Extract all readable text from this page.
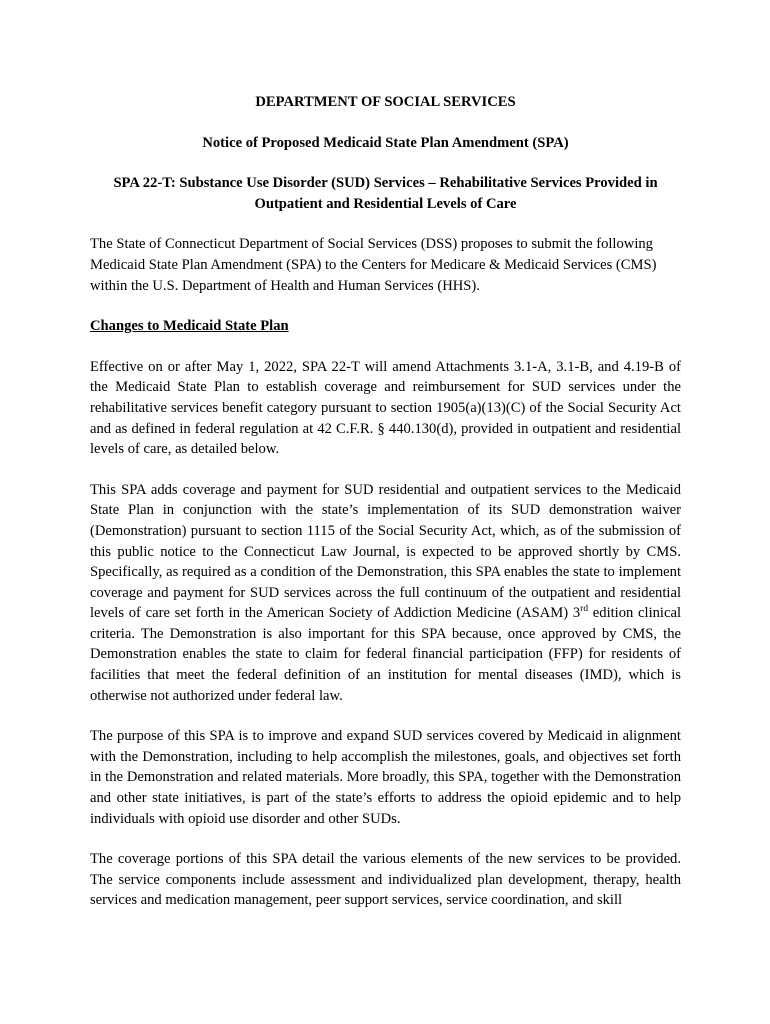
DEPARTMENT OF SOCIAL SERVICES

Notice of Proposed Medicaid State Plan Amendment (SPA)

SPA 22-T: Substance Use Disorder (SUD) Services – Rehabilitative Services Provided in Outpatient and Residential Levels of Care

The State of Connecticut Department of Social Services (DSS) proposes to submit the following Medicaid State Plan Amendment (SPA) to the Centers for Medicare & Medicaid Services (CMS) within the U.S. Department of Health and Human Services (HHS).

Changes to Medicaid State Plan

Effective on or after May 1, 2022, SPA 22-T will amend Attachments 3.1-A, 3.1-B, and 4.19-B of the Medicaid State Plan to establish coverage and reimbursement for SUD services under the rehabilitative services benefit category pursuant to section 1905(a)(13)(C) of the Social Security Act and as defined in federal regulation at 42 C.F.R. § 440.130(d), provided in outpatient and residential levels of care, as detailed below.

This SPA adds coverage and payment for SUD residential and outpatient services to the Medicaid State Plan in conjunction with the state’s implementation of its SUD demonstration waiver (Demonstration) pursuant to section 1115 of the Social Security Act, which, as of the submission of this public notice to the Connecticut Law Journal, is expected to be approved shortly by CMS. Specifically, as required as a condition of the Demonstration, this SPA enables the state to implement coverage and payment for SUD services across the full continuum of the outpatient and residential levels of care set forth in the American Society of Addiction Medicine (ASAM) 3rd edition clinical criteria. The Demonstration is also important for this SPA because, once approved by CMS, the Demonstration enables the state to claim for federal financial participation (FFP) for residents of facilities that meet the federal definition of an institution for mental diseases (IMD), which is otherwise not authorized under federal law.

The purpose of this SPA is to improve and expand SUD services covered by Medicaid in alignment with the Demonstration, including to help accomplish the milestones, goals, and objectives set forth in the Demonstration and related materials. More broadly, this SPA, together with the Demonstration and other state initiatives, is part of the state’s efforts to address the opioid epidemic and to help individuals with opioid use disorder and other SUDs.

The coverage portions of this SPA detail the various elements of the new services to be provided. The service components include assessment and individualized plan development, therapy, health services and medication management, peer support services, service coordination, and skill
